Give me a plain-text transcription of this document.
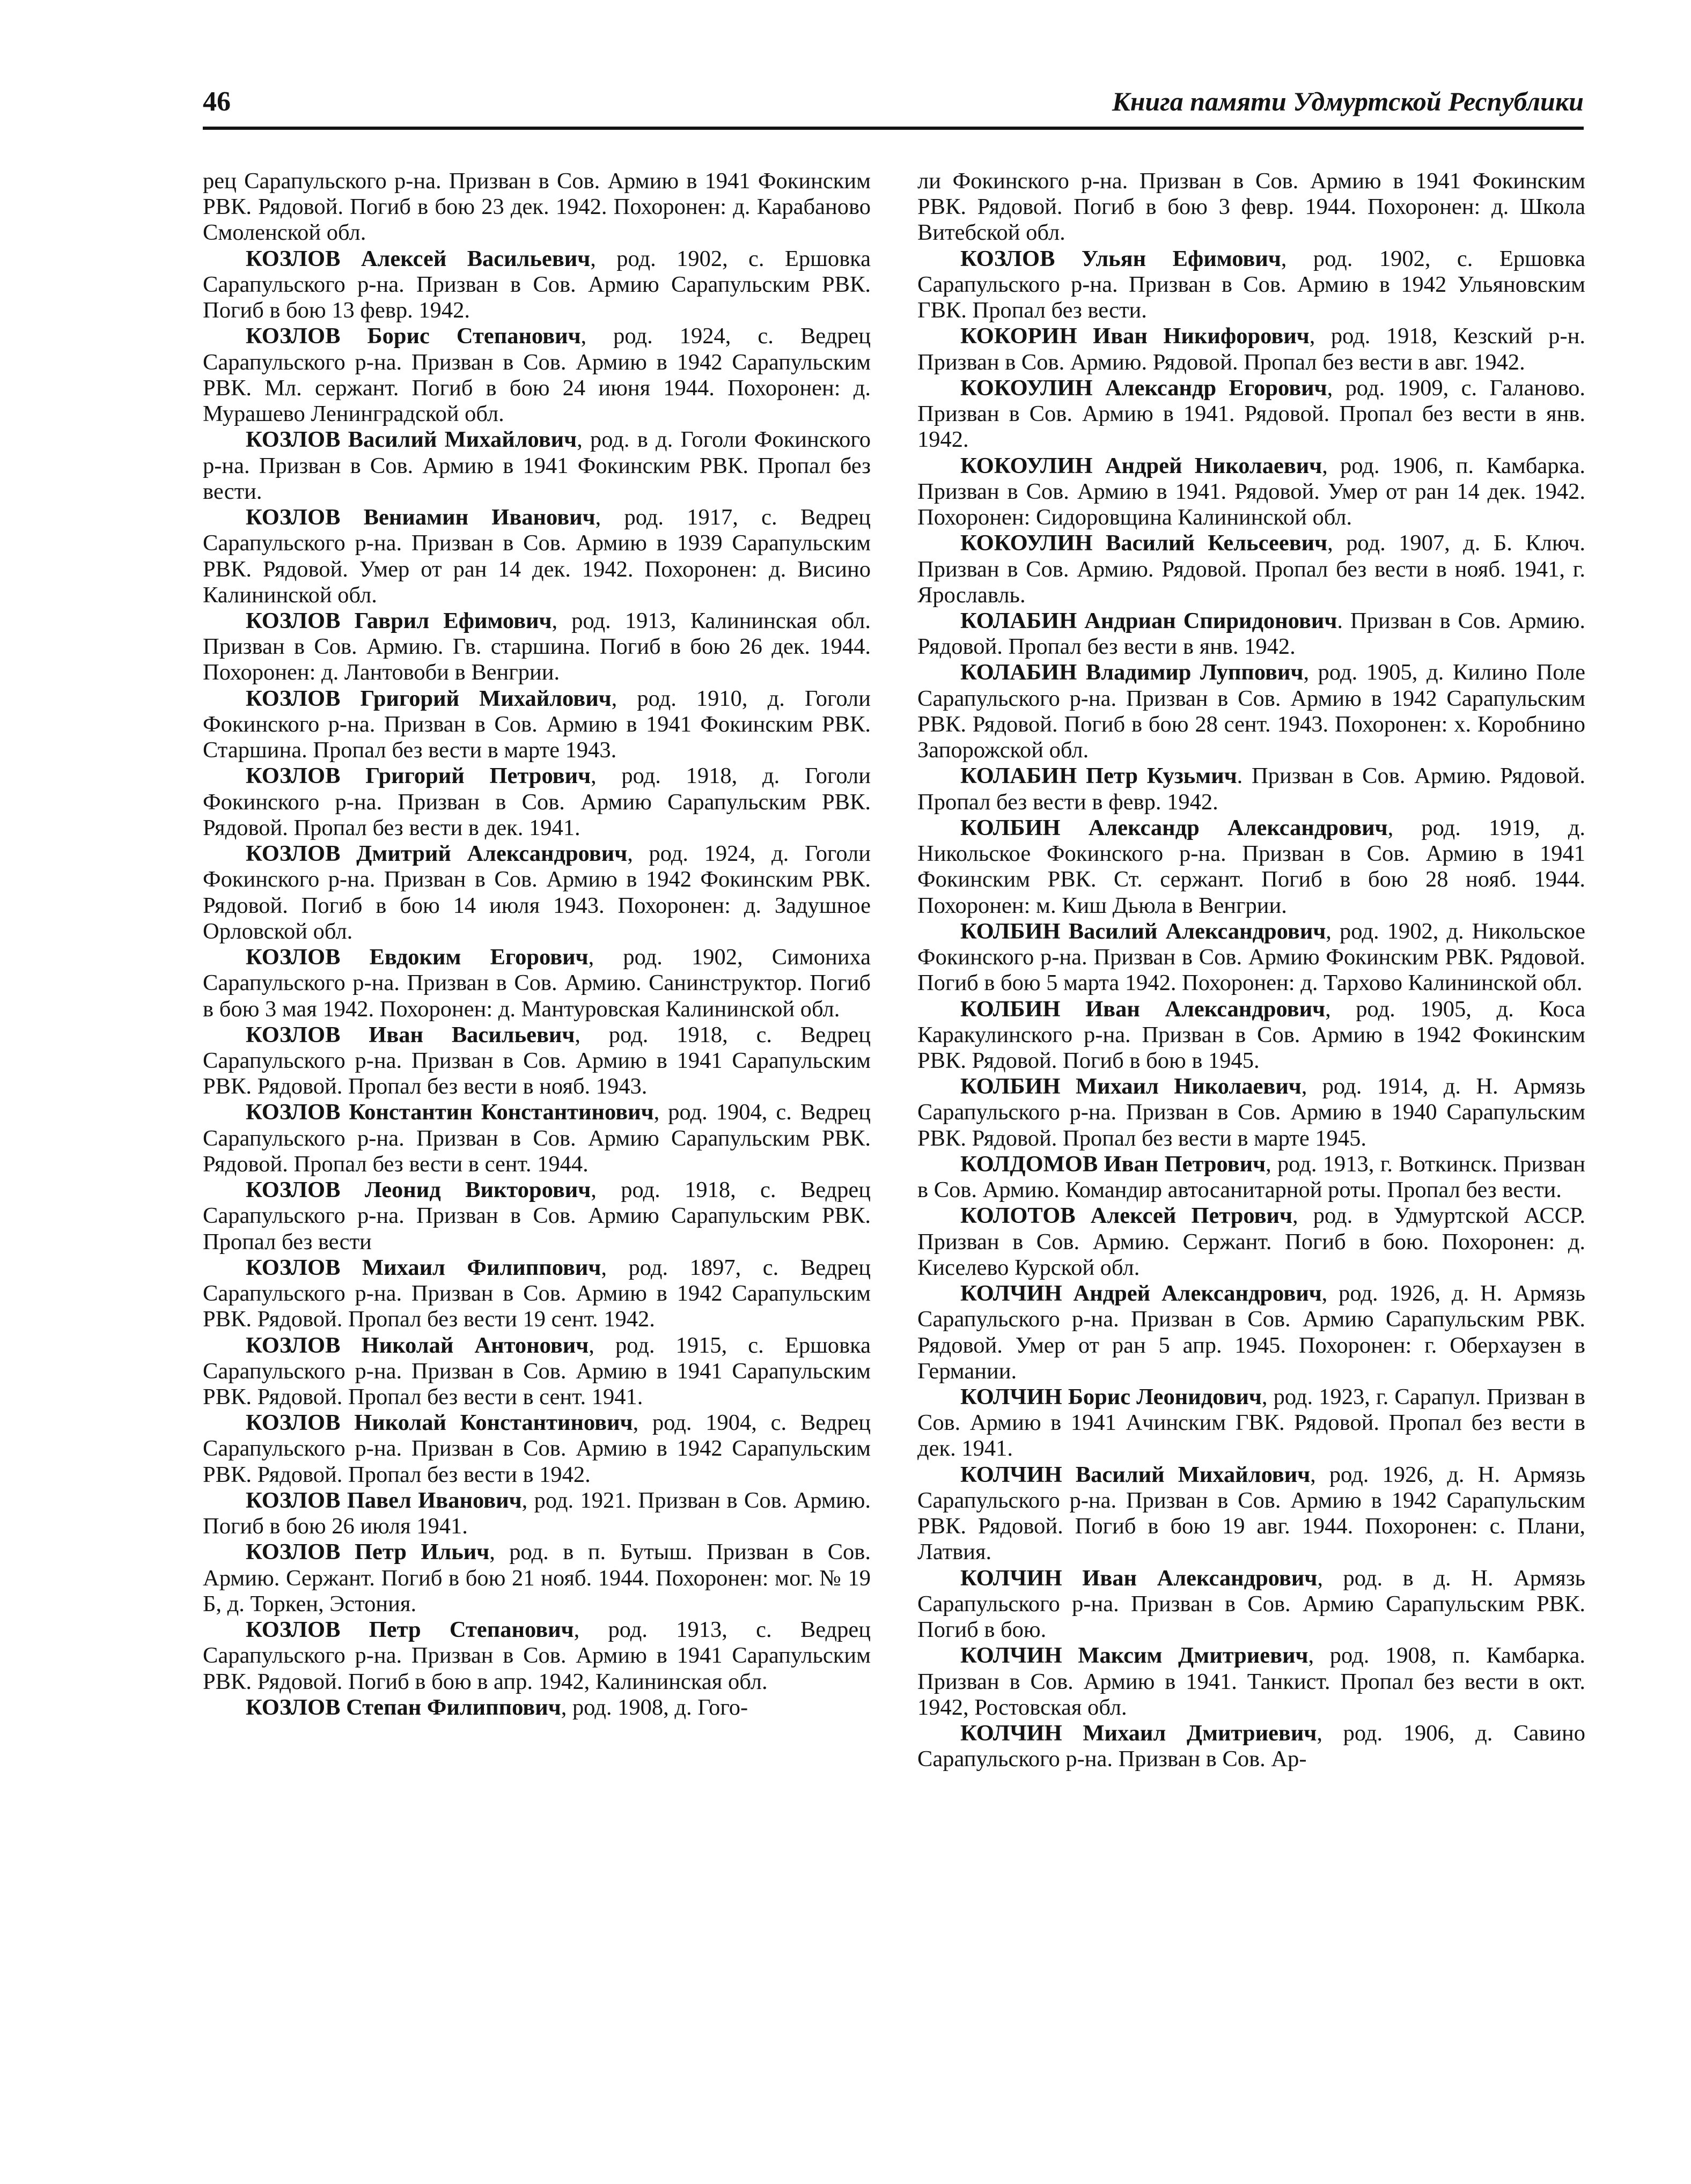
46	Книга памяти Удмуртской Республики

рец Сарапульского р-на. Призван в Сов. Армию в 1941 Фокинским РВК. Рядовой. Погиб в бою 23 дек. 1942. Похоронен: д. Карабаново Смоленской обл.

КОЗЛОВ Алексей Васильевич, род. 1902, с. Ершовка Сарапульского р-на. Призван в Сов. Армию Сарапульским РВК. Погиб в бою 13 февр. 1942.

КОЗЛОВ Борис Степанович, род. 1924, с. Ведрец Сарапульского р-на. Призван в Сов. Армию в 1942 Сарапульским РВК. Мл. сержант. Погиб в бою 24 июня 1944. Похоронен: д. Мурашево Ленинградской обл.

КОЗЛОВ Василий Михайлович, род. в д. Гоголи Фокинского р-на. Призван в Сов. Армию в 1941 Фокинским РВК. Пропал без вести.

КОЗЛОВ Вениамин Иванович, род. 1917, с. Ведрец Сарапульского р-на. Призван в Сов. Армию в 1939 Сарапульским РВК. Рядовой. Умер от ран 14 дек. 1942. Похоронен: д. Висино Калининской обл.

КОЗЛОВ Гаврил Ефимович, род. 1913, Калининская обл. Призван в Сов. Армию. Гв. старшина. Погиб в бою 26 дек. 1944. Похоронен: д. Лантовоби в Венгрии.

КОЗЛОВ Григорий Михайлович, род. 1910, д. Гоголи Фокинского р-на. Призван в Сов. Армию в 1941 Фокинским РВК. Старшина. Пропал без вести в марте 1943.

КОЗЛОВ Григорий Петрович, род. 1918, д. Гоголи Фокинского р-на. Призван в Сов. Армию Сарапульским РВК. Рядовой. Пропал без вести в дек. 1941.

КОЗЛОВ Дмитрий Александрович, род. 1924, д. Гоголи Фокинского р-на. Призван в Сов. Армию в 1942 Фокинским РВК. Рядовой. Погиб в бою 14 июля 1943. Похоронен: д. Задушное Орловской обл.

КОЗЛОВ Евдоким Егорович, род. 1902, Симониха Сарапульского р-на. Призван в Сов. Армию. Санинструктор. Погиб в бою 3 мая 1942. Похоронен: д. Мантуровская Калининской обл.

КОЗЛОВ Иван Васильевич, род. 1918, с. Ведрец Сарапульского р-на. Призван в Сов. Армию в 1941 Сарапульским РВК. Рядовой. Пропал без вести в нояб. 1943.

КОЗЛОВ Константин Константинович, род. 1904, с. Ведрец Сарапульского р-на. Призван в Сов. Армию Сарапульским РВК. Рядовой. Пропал без вести в сент. 1944.

КОЗЛОВ Леонид Викторович, род. 1918, с. Ведрец Сарапульского р-на. Призван в Сов. Армию Сарапульским РВК. Пропал без вести

КОЗЛОВ Михаил Филиппович, род. 1897, с. Ведрец Сарапульского р-на. Призван в Сов. Армию в 1942 Сарапульским РВК. Рядовой. Пропал без вести 19 сент. 1942.

КОЗЛОВ Николай Антонович, род. 1915, с. Ершовка Сарапульского р-на. Призван в Сов. Армию в 1941 Сарапульским РВК. Рядовой. Пропал без вести в сент. 1941.

КОЗЛОВ Николай Константинович, род. 1904, с. Ведрец Сарапульского р-на. Призван в Сов. Армию в 1942 Сарапульским РВК. Рядовой. Пропал без вести в 1942.

КОЗЛОВ Павел Иванович, род. 1921. Призван в Сов. Армию. Погиб в бою 26 июля 1941.

КОЗЛОВ Петр Ильич, род. в п. Бутыш. Призван в Сов. Армию. Сержант. Погиб в бою 21 нояб. 1944. Похоронен: мог. № 19 Б, д. Торкен, Эстония.

КОЗЛОВ Петр Степанович, род. 1913, с. Ведрец Сарапульского р-на. Призван в Сов. Армию в 1941 Сарапульским РВК. Рядовой. Погиб в бою в апр. 1942, Калининская обл.

КОЗЛОВ Степан Филиппович, род. 1908, д. Гого-

ли Фокинского р-на. Призван в Сов. Армию в 1941 Фокинским РВК. Рядовой. Погиб в бою 3 февр. 1944. Похоронен: д. Школа Витебской обл.

КОЗЛОВ Ульян Ефимович, род. 1902, с. Ершовка Сарапульского р-на. Призван в Сов. Армию в 1942 Ульяновским ГВК. Пропал без вести.

КОКОРИН Иван Никифорович, род. 1918, Кезский р-н. Призван в Сов. Армию. Рядовой. Пропал без вести в авг. 1942.

КОКОУЛИН Александр Егорович, род. 1909, с. Галаново. Призван в Сов. Армию в 1941. Рядовой. Пропал без вести в янв. 1942.

КОКОУЛИН Андрей Николаевич, род. 1906, п. Камбарка. Призван в Сов. Армию в 1941. Рядовой. Умер от ран 14 дек. 1942. Похоронен: Сидоровщина Калининской обл.

КОКОУЛИН Василий Кельсеевич, род. 1907, д. Б. Ключ. Призван в Сов. Армию. Рядовой. Пропал без вести в нояб. 1941, г. Ярославль.

КОЛАБИН Андриан Спиридонович. Призван в Сов. Армию. Рядовой. Пропал без вести в янв. 1942.

КОЛАБИН Владимир Луппович, род. 1905, д. Килино Поле Сарапульского р-на. Призван в Сов. Армию в 1942 Сарапульским РВК. Рядовой. Погиб в бою 28 сент. 1943. Похоронен: х. Коробнино Запорожской обл.

КОЛАБИН Петр Кузьмич. Призван в Сов. Армию. Рядовой. Пропал без вести в февр. 1942.

КОЛБИН Александр Александрович, род. 1919, д. Никольское Фокинского р-на. Призван в Сов. Армию в 1941 Фокинским РВК. Ст. сержант. Погиб в бою 28 нояб. 1944. Похоронен: м. Киш Дьюла в Венгрии.

КОЛБИН Василий Александрович, род. 1902, д. Никольское Фокинского р-на. Призван в Сов. Армию Фокинским РВК. Рядовой. Погиб в бою 5 марта 1942. Похоронен: д. Тархово Калининской обл.

КОЛБИН Иван Александрович, род. 1905, д. Коса Каракулинского р-на. Призван в Сов. Армию в 1942 Фокинским РВК. Рядовой. Погиб в бою в 1945.

КОЛБИН Михаил Николаевич, род. 1914, д. Н. Армязь Сарапульского р-на. Призван в Сов. Армию в 1940 Сарапульским РВК. Рядовой. Пропал без вести в марте 1945.

КОЛДОМОВ Иван Петрович, род. 1913, г. Воткинск. Призван в Сов. Армию. Командир автосанитарной роты. Пропал без вести.

КОЛОТОВ Алексей Петрович, род. в Удмуртской АССР. Призван в Сов. Армию. Сержант. Погиб в бою. Похоронен: д. Киселево Курской обл.

КОЛЧИН Андрей Александрович, род. 1926, д. Н. Армязь Сарапульского р-на. Призван в Сов. Армию Сарапульским РВК. Рядовой. Умер от ран 5 апр. 1945. Похоронен: г. Оберхаузен в Германии.

КОЛЧИН Борис Леонидович, род. 1923, г. Сарапул. Призван в Сов. Армию в 1941 Ачинским ГВК. Рядовой. Пропал без вести в дек. 1941.

КОЛЧИН Василий Михайлович, род. 1926, д. Н. Армязь Сарапульского р-на. Призван в Сов. Армию в 1942 Сарапульским РВК. Рядовой. Погиб в бою 19 авг. 1944. Похоронен: с. Плани, Латвия.

КОЛЧИН Иван Александрович, род. в д. Н. Армязь Сарапульского р-на. Призван в Сов. Армию Сарапульским РВК. Погиб в бою.

КОЛЧИН Максим Дмитриевич, род. 1908, п. Камбарка. Призван в Сов. Армию в 1941. Танкист. Пропал без вести в окт. 1942, Ростовская обл.

КОЛЧИН Михаил Дмитриевич, род. 1906, д. Савино Сарапульского р-на. Призван в Сов. Ар-
